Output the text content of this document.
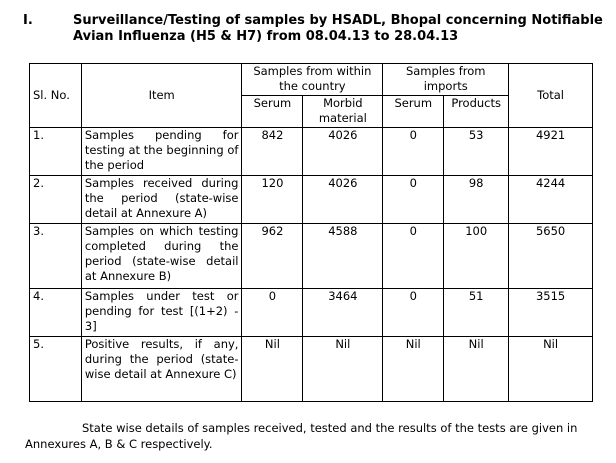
I.	Surveillance/Testing of samples by HSADL, Bhopal concerning Notifiable Avian Influenza (H5 & H7) from 08.04.13 to 28.04.13
Sl. No.	Item	Samples from within the country		Samples from imports		Total
		Serum	Morbid material	Serum	Products	
1.	Samples pending for testing at the beginning of the period	842	4026	0	53	4921
2.	Samples received during the period (state-wise detail at Annexure A)	120	4026	0	98	4244
3.	Samples on which testing completed during the period (state-wise detail at Annexure B)	962	4588	0	100	5650
4.	Samples under test or pending for test [(1+2) - 3]	0	3464	0	51	3515
5.	Positive results, if any, during the period (state-wise detail at Annexure C)	Nil	Nil	Nil	Nil	Nil
State wise details of samples received, tested and the results of the tests are given in Annexures A, B & C respectively.
